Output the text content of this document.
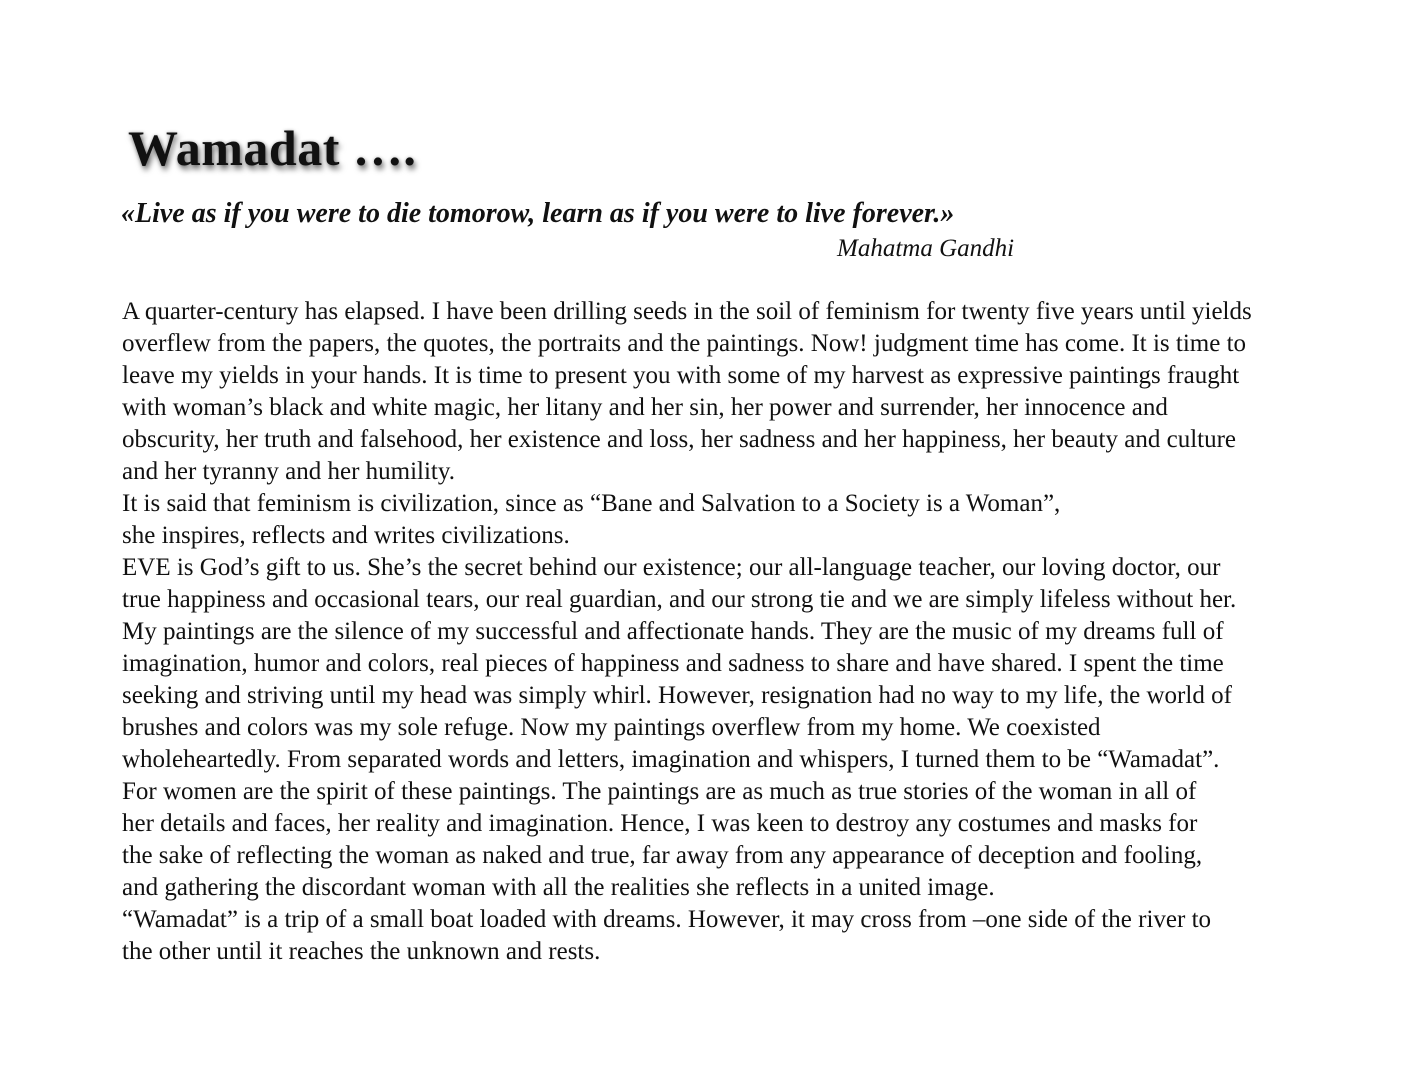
Wamadat ….

«Live as if you were to die tomorow, learn as if you were to live forever.»

Mahatma Gandhi

A quarter-century has elapsed. I have been drilling seeds in the soil of feminism for twenty five years until yields
overflew from the papers, the quotes, the portraits and the paintings. Now! judgment time has come. It is time to
leave my yields in your hands. It is time to present you with some of my harvest as expressive paintings fraught
with woman’s black and white magic, her litany and her sin, her power and surrender, her innocence and
obscurity, her truth and falsehood, her existence and loss, her sadness and her happiness, her beauty and culture
and her tyranny and her humility.
It is said that feminism is civilization, since as “Bane and Salvation to a Society is a Woman”,
she inspires, reflects and writes civilizations.
EVE is God’s gift to us. She’s the secret behind our existence; our all-language teacher, our loving doctor, our
true happiness and occasional tears, our real guardian, and our strong tie and we are simply lifeless without her.
My paintings are the silence of my successful and affectionate hands. They are the music of my dreams full of
imagination, humor and colors, real pieces of happiness and sadness to share and have shared. I spent the time
seeking and striving until my head was simply whirl. However, resignation had no way to my life, the world of
brushes and colors was my sole refuge. Now my paintings overflew from my home. We coexisted
wholeheartedly. From separated words and letters, imagination and whispers, I turned them to be “Wamadat”.
For women are the spirit of these paintings. The paintings are as much as true stories of the woman in all of
her details and faces, her reality and imagination. Hence, I was keen to destroy any costumes and masks for
the sake of reflecting the woman as naked and true, far away from any appearance of deception and fooling,
and gathering the discordant woman with all the realities she reflects in a united image.
“Wamadat” is a trip of a small boat loaded with dreams. However, it may cross from –one side of the river to
the other until it reaches the unknown and rests.
